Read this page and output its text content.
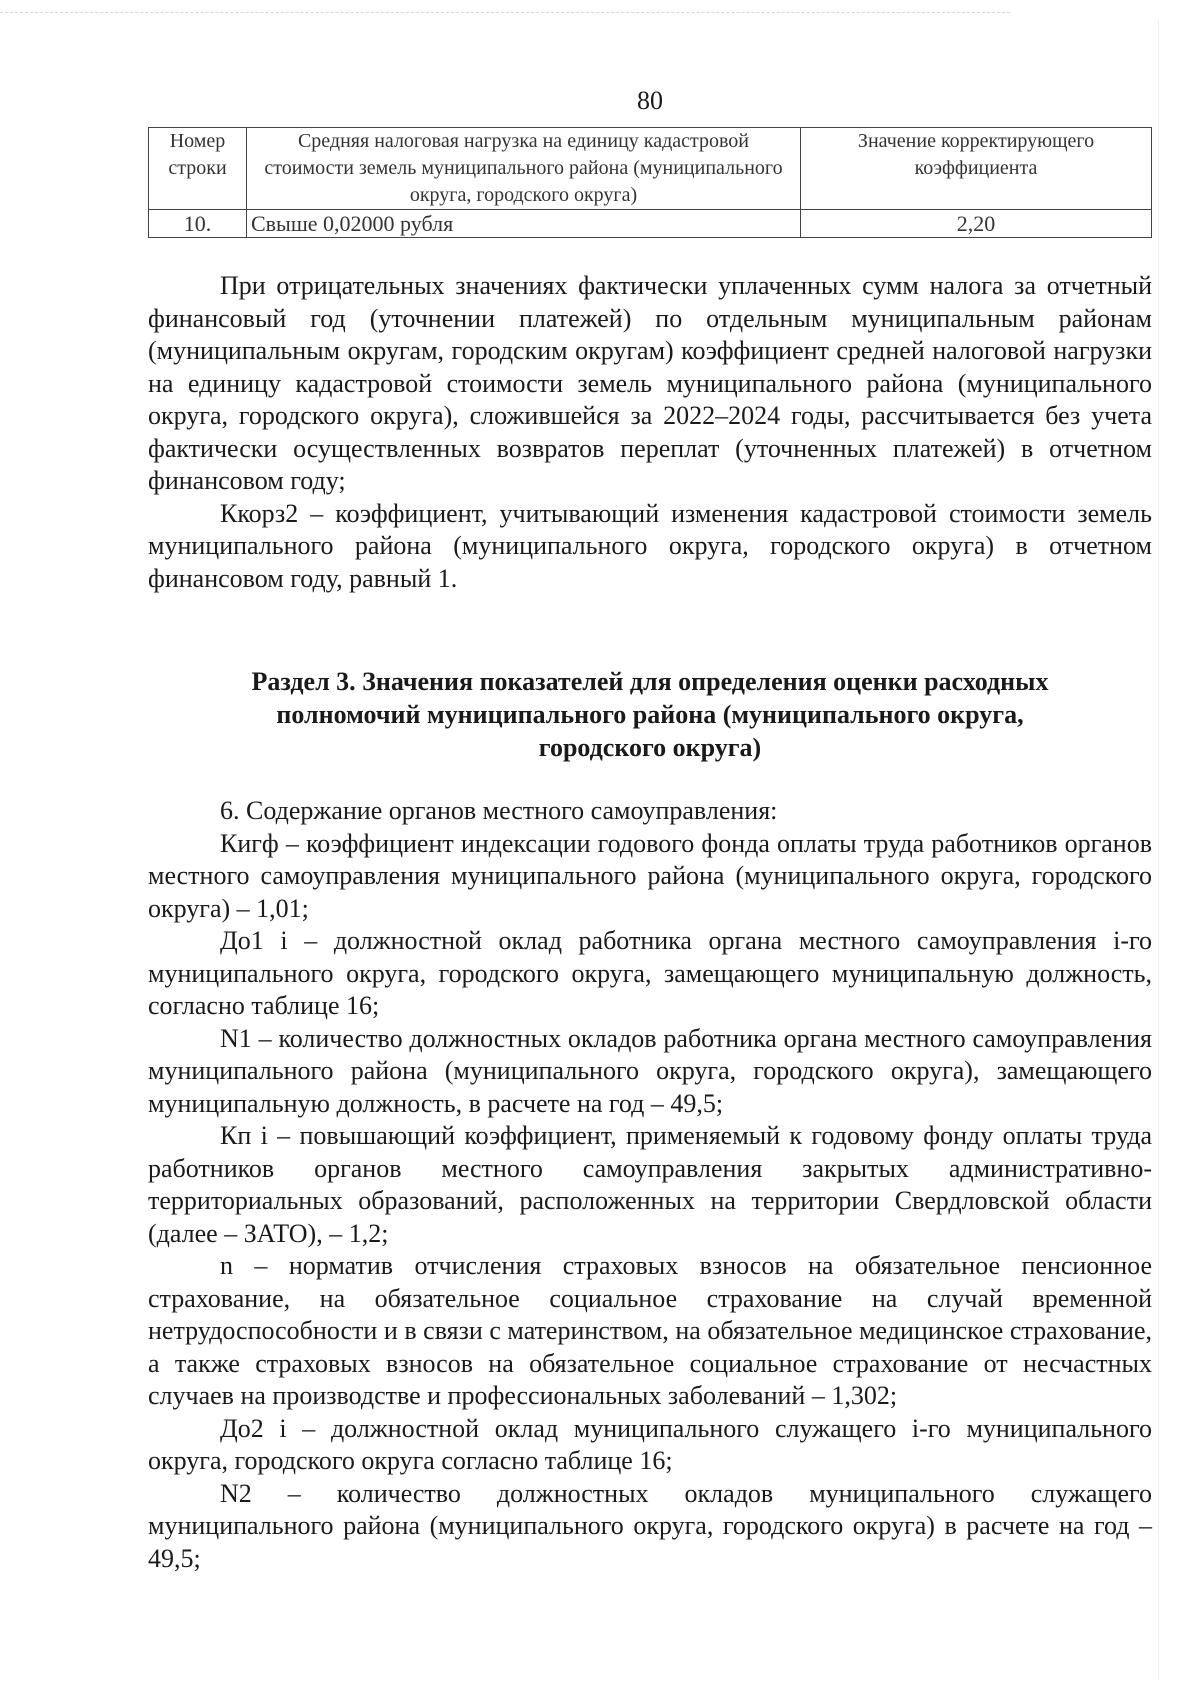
80
Номер строки	Средняя налоговая нагрузка на единицу кадастровой стоимости земель муниципального района (муниципального округа, городского округа)	Значение корректирующего коэффициента
10.	Свыше 0,02000 рубля	2,20

При отрицательных значениях фактически уплаченных сумм налога за отчетный финансовый год (уточнении платежей) по отдельным муниципальным районам (муниципальным округам, городским округам) коэффициент средней налоговой нагрузки на единицу кадастровой стоимости земель муниципального района (муниципального округа, городского округа), сложившейся за 2022–2024 годы, рассчитывается без учета фактически осуществленных возвратов переплат (уточненных платежей) в отчетном финансовом году;

Ккорз2 – коэффициент, учитывающий изменения кадастровой стоимости земель муниципального района (муниципального округа, городского округа) в отчетном финансовом году, равный 1.

Раздел 3. Значения показателей для определения оценки расходных
полномочий муниципального района (муниципального округа,
городского округа)

6. Содержание органов местного самоуправления:

Кигф – коэффициент индексации годового фонда оплаты труда работников органов местного самоуправления муниципального района (муниципального округа, городского округа) – 1,01;

До1 i – должностной оклад работника органа местного самоуправления i-го муниципального округа, городского округа, замещающего муниципальную должность, согласно таблице 16;

N1 – количество должностных окладов работника органа местного самоуправления муниципального района (муниципального округа, городского округа), замещающего муниципальную должность, в расчете на год – 49,5;

Кп i – повышающий коэффициент, применяемый к годовому фонду оплаты труда работников органов местного самоуправления закрытых административно-территориальных образований, расположенных на территории Свердловской области (далее – ЗАТО), – 1,2;

n – норматив отчисления страховых взносов на обязательное пенсионное страхование, на обязательное социальное страхование на случай временной нетрудоспособности и в связи с материнством, на обязательное медицинское страхование, а также страховых взносов на обязательное социальное страхование от несчастных случаев на производстве и профессиональных заболеваний – 1,302;

До2 i – должностной оклад муниципального служащего i-го муниципального округа, городского округа согласно таблице 16;

N2 – количество должностных окладов муниципального служащего муниципального района (муниципального округа, городского округа) в расчете на год – 49,5;
